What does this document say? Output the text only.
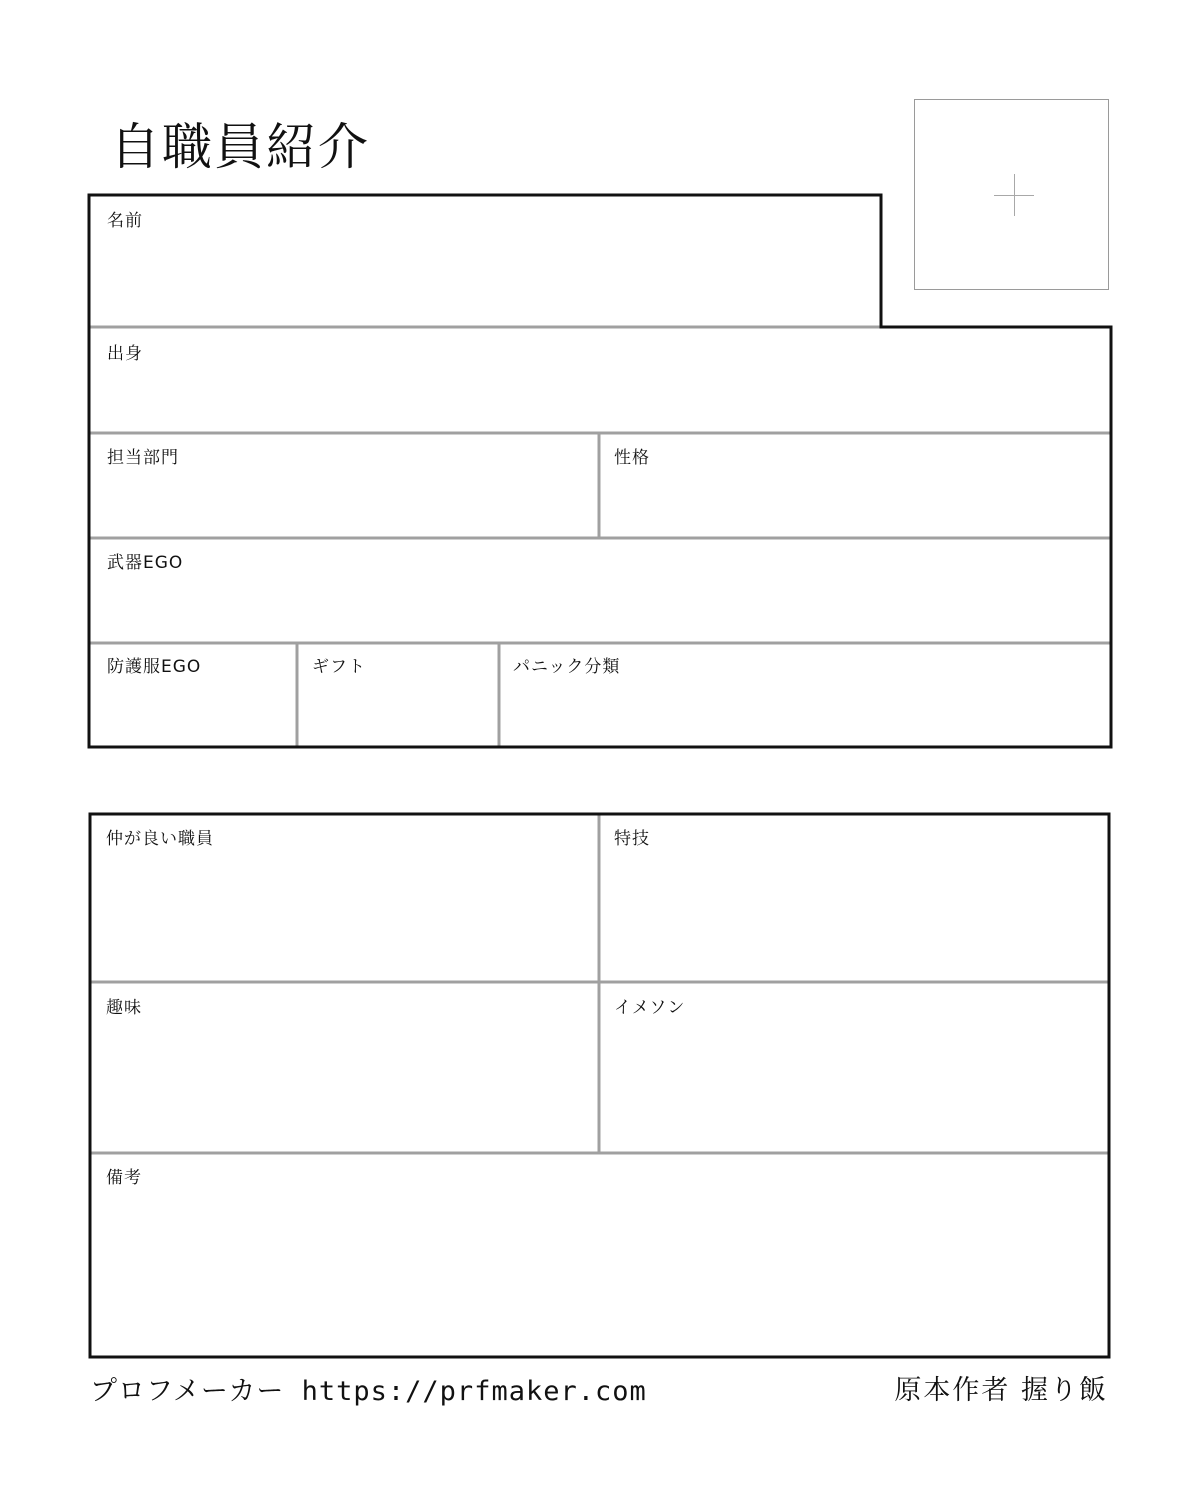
自職員紹介
名前
出身
担当部門	性格
武器EGO
防護服EGO	ギフト	パニック分類
仲が良い職員	特技
趣味	イメソン
備考
プロフメーカー https://prfmaker.com	原本作者 握り飯
